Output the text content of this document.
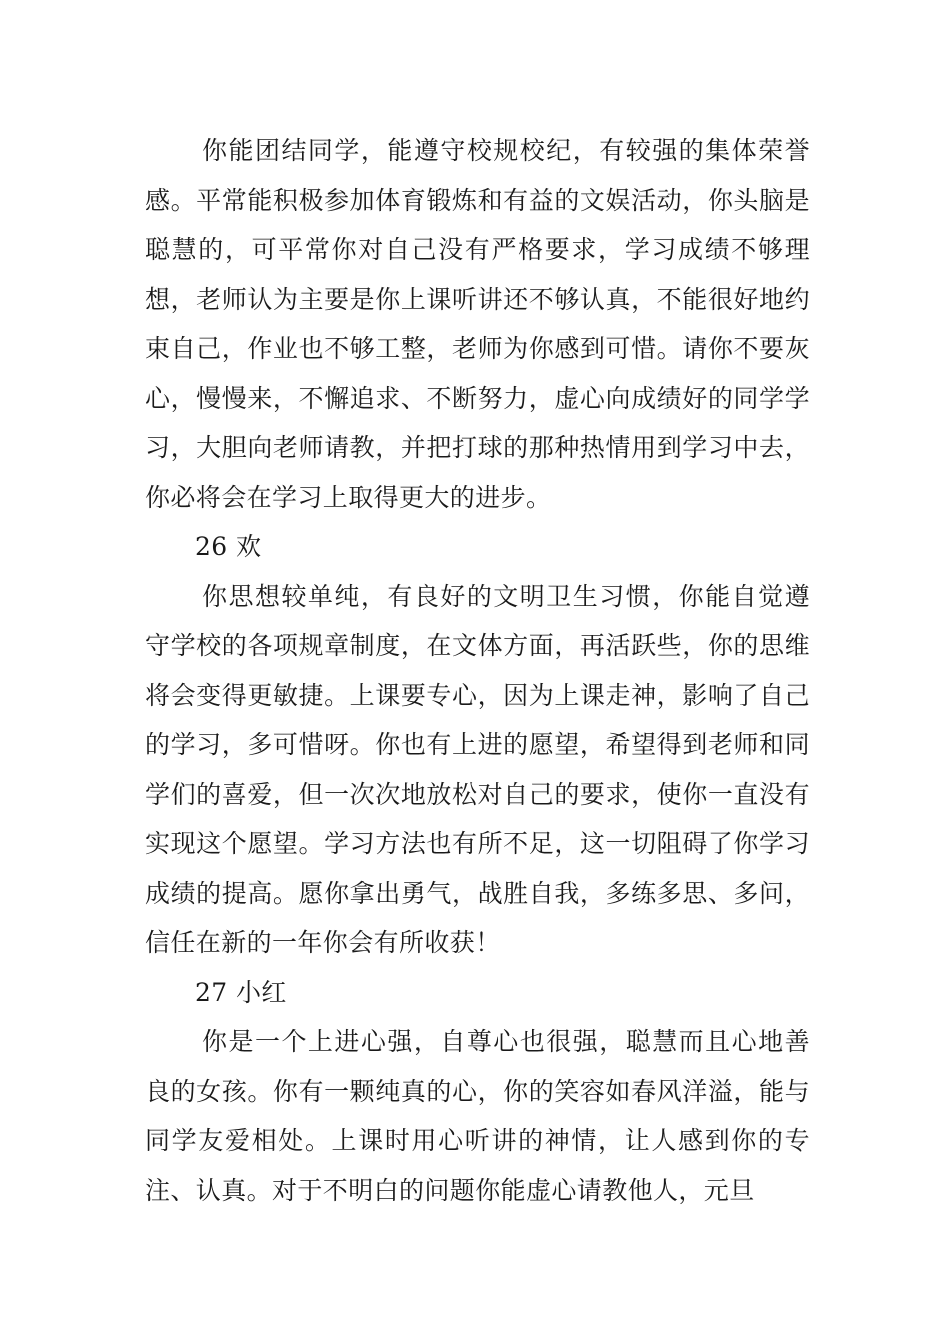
你能团结同学，能遵守校规校纪，有较强的集体荣誉感。平常能积极参加体育锻炼和有益的文娱活动，你头脑是聪慧的，可平常你对自己没有严格要求，学习成绩不够理想，老师认为主要是你上课听讲还不够认真，不能很好地约束自己，作业也不够工整，老师为你感到可惜。请你不要灰心，慢慢来，不懈追求、不断努力，虚心向成绩好的同学学习，大胆向老师请教，并把打球的那种热情用到学习中去，你必将会在学习上取得更大的进步。

26 欢

你思想较单纯，有良好的文明卫生习惯，你能自觉遵守学校的各项规章制度，在文体方面，再活跃些，你的思维将会变得更敏捷。上课要专心，因为上课走神，影响了自己的学习，多可惜呀。你也有上进的愿望，希望得到老师和同学们的喜爱，但一次次地放松对自己的要求，使你一直没有实现这个愿望。学习方法也有所不足，这一切阻碍了你学习成绩的提高。愿你拿出勇气，战胜自我，多练多思、多问，信任在新的一年你会有所收获！

27 小红

你是一个上进心强，自尊心也很强，聪慧而且心地善良的女孩。你有一颗纯真的心，你的笑容如春风洋溢，能与同学友爱相处。上课时用心听讲的神情，让人感到你的专注、认真。对于不明白的问题你能虚心请教他人，元旦
